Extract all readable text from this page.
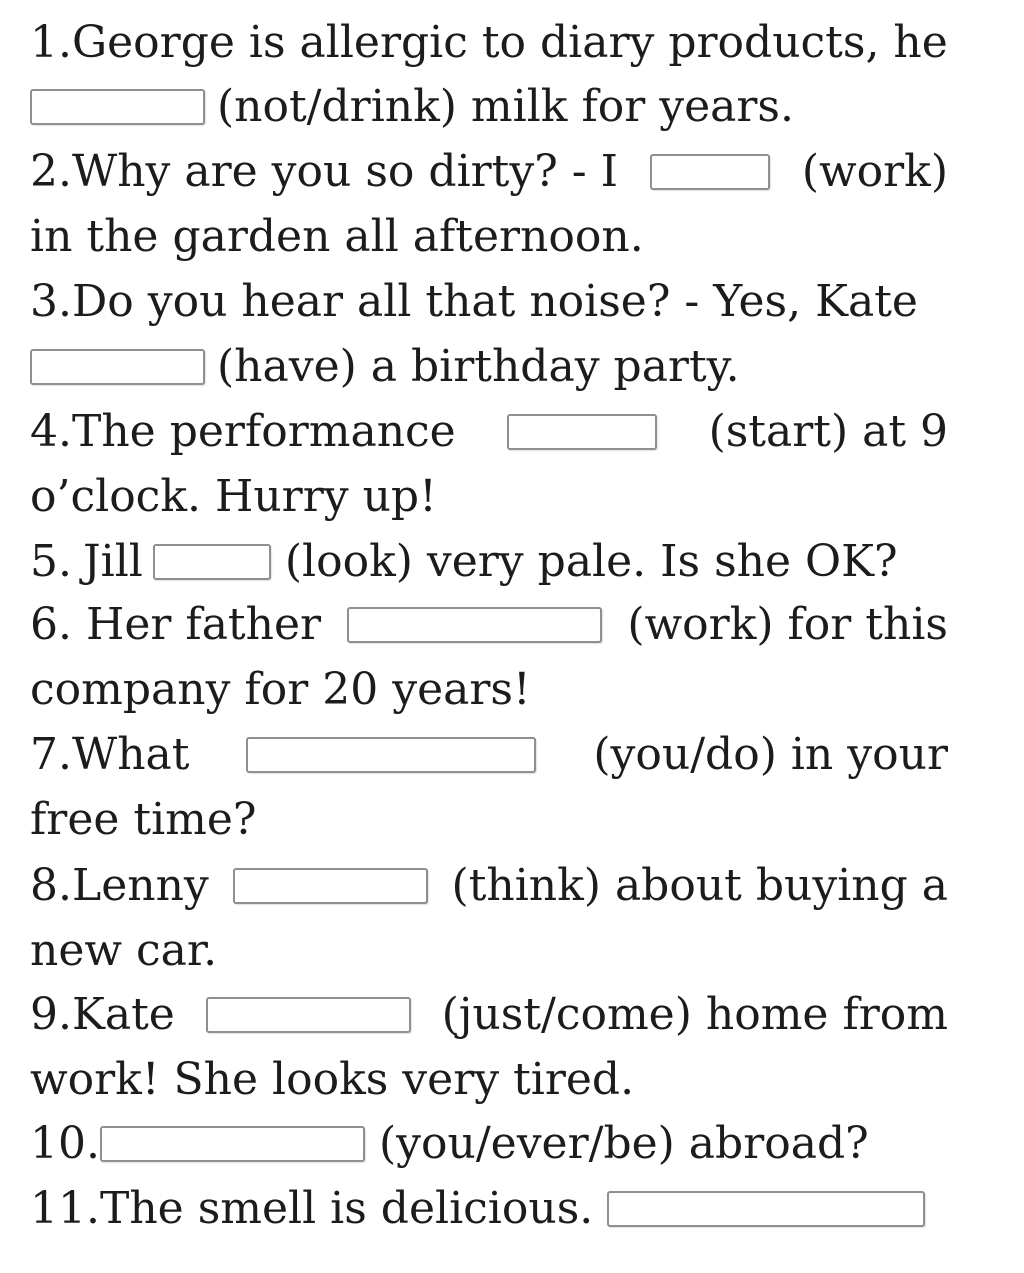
1.George is allergic to diary products, he
(not/drink) milk for years.
2.Why are you so dirty? - I	(work)
in the garden all afternoon.
3.Do you hear all that noise? - Yes, Kate
(have) a birthday party.
4.The performance	(start) at 9
o’clock. Hurry up!
5. Jill	(look) very pale. Is she OK?
6. Her father	(work) for this
company for 20 years!
7.What	(you/do) in your
free time?
8.Lenny	(think) about buying a
new car.
9.Kate	(just/come) home from
work! She looks very tired.
10.	(you/ever/be) abroad?
11. The smell is delicious.
